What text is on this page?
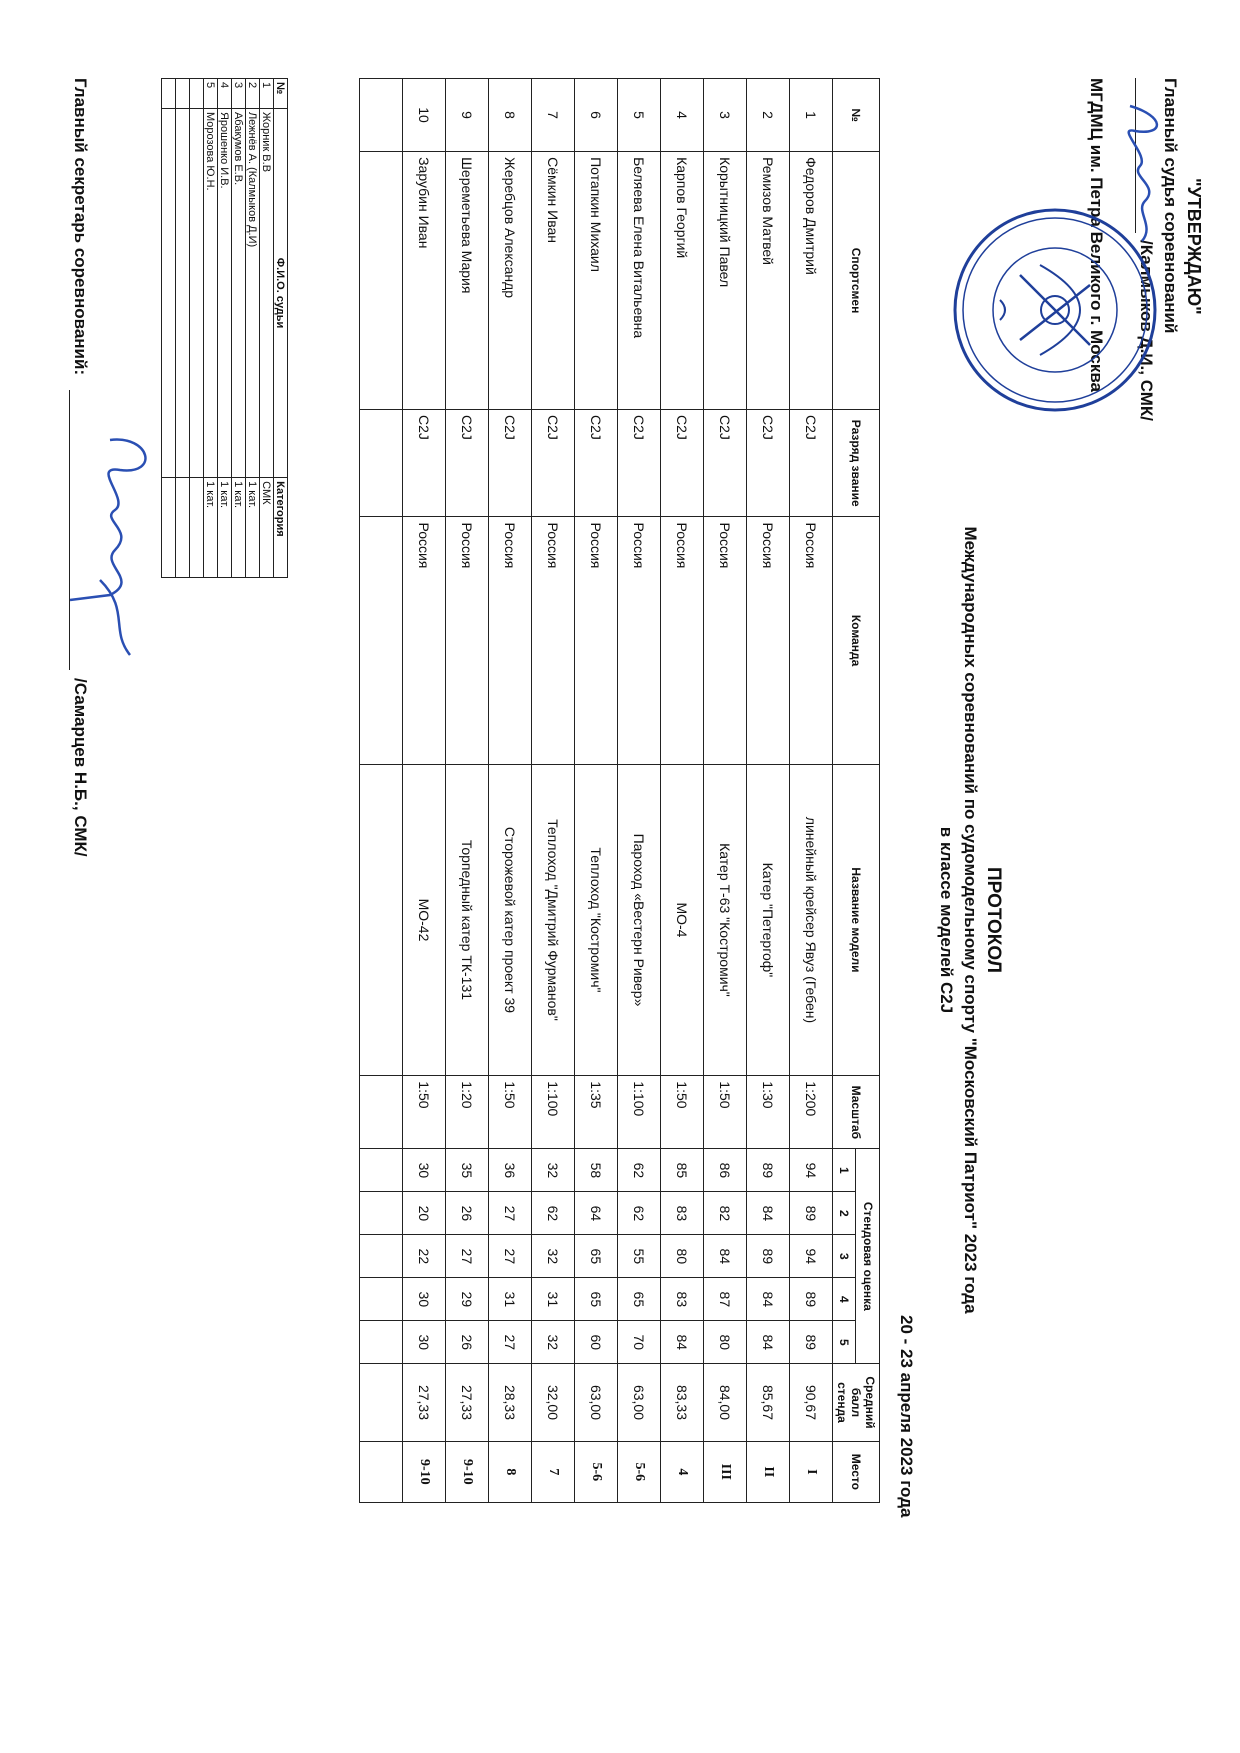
"УТВЕРЖДАЮ"
Главный судья соревнований
/Калмыков Д.И., СМК/
МГДМЦ им. Петра Великого г. Москва
ПРОТОКОЛ
Международных соревнований по судомодельному спорту "Московский Патриот" 2023 года
в классе моделей С2J
20 - 23 апреля 2023 года
№	Спортсмен	Разряд звание	Команда	Название модели	Масштаб	Стендовая оценка					Средний балл стенда	Место
						1	2	3	4	5		
1	Федоров Дмитрий	C2J	Россия	линейный крейсер Явуз (Гебен)	1:200	94	89	94	89	89	90,67	I
2	Ремизов Матвей	C2J	Россия	Катер "Петергоф"	1:30	89	84	89	84	84	85,67	II
3	Корытницкий Павел	C2J	Россия	Катер Т-63 "Костромич"	1:50	86	82	84	87	80	84,00	III
4	Карпов Георгий	C2J	Россия	МО-4	1:50	85	83	80	83	84	83,33	4
5	Беляева Елена Витальевна	C2J	Россия	Пароход «Вестерн Ривер»	1:100	62	62	55	65	70	63,00	5-6
6	Потапкин Михаил	C2J	Россия	Теплоход "Костромич"	1:35	58	64	65	65	60	63,00	5-6
7	Сёмкин Иван	C2J	Россия	Теплоход "Дмитрий Фурманов"	1:100	32	62	32	31	32	32,00	7
8	Жеребцов Александр	C2J	Россия	Сторожевой катер проект 39	1:50	36	27	27	31	27	28,33	8
9	Шереметьева Мария	C2J	Россия	Торпедный катер ТК-131	1:20	35	26	27	29	26	27,33	9-10
10	Зарубин Иван	C2J	Россия	МО-42	1:50	30	20	22	30	30	27,33	9-10

№	Ф.И.О. судьи	Категория
1	Жорник В.В	СМК
2	Лежнёв А. (Калмыков Д.И)	1 кат.
3	Абакумов Е.В.	1 кат.
4	Ярошенко И.В.	1 кат.
5	Морозова Ю.Н.	1 кат.

Главный секретарь соревнований:
/Самарцев Н.Б., СМК/
